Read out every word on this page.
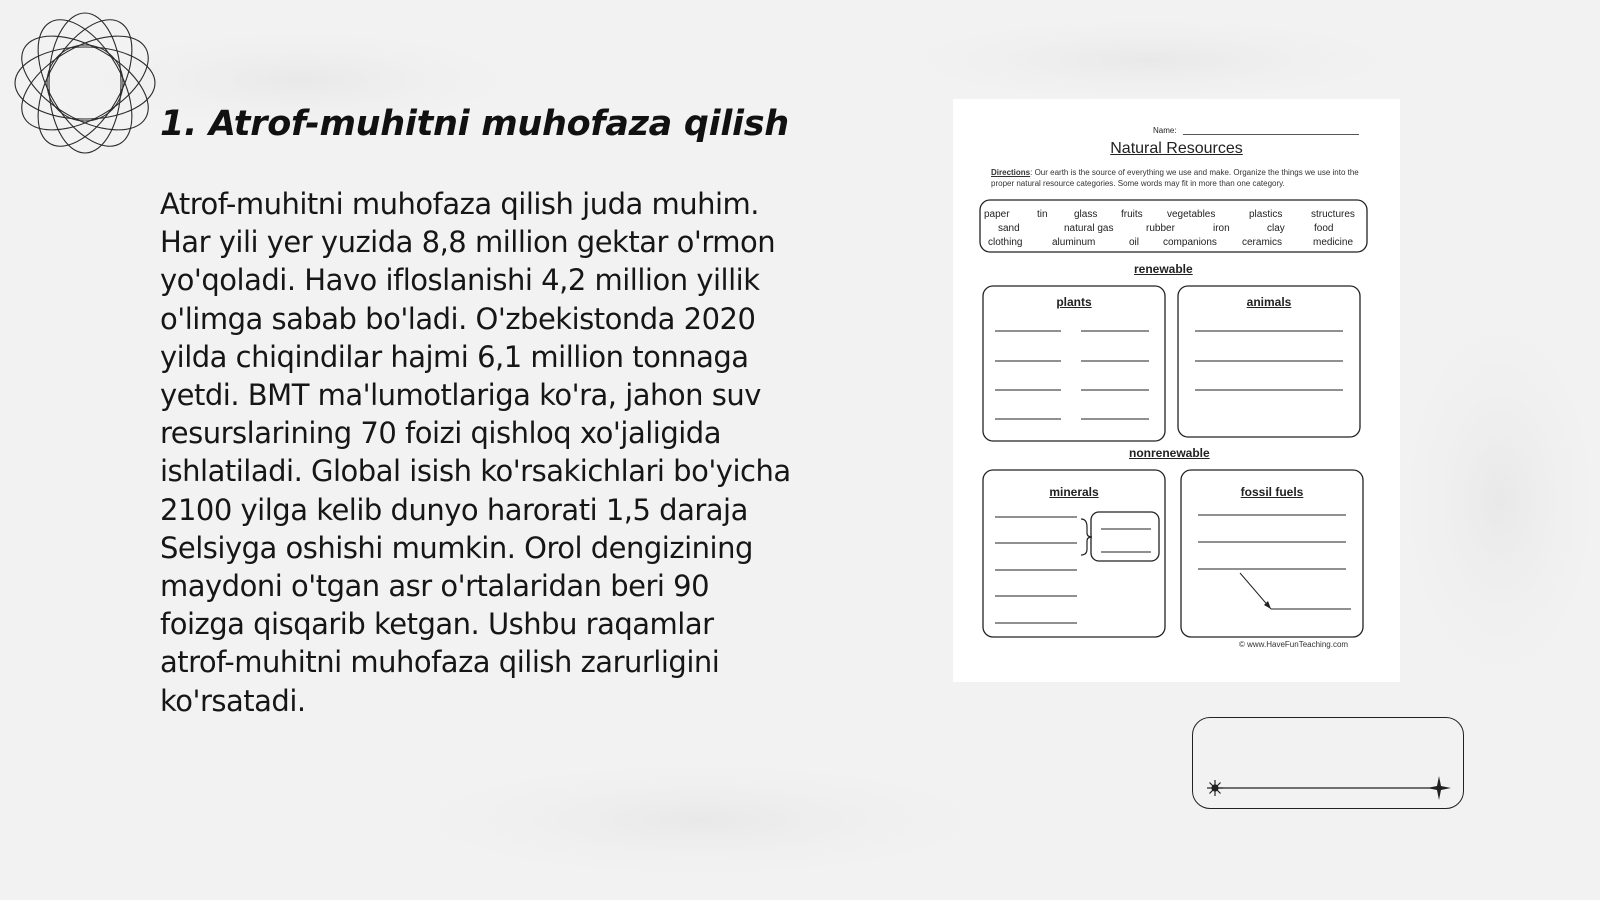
1. Atrof-muhitni muhofaza qilish
Atrof-muhitni muhofaza qilish juda muhim.
Har yili yer yuzida 8,8 million gektar o'rmon
yo'qoladi. Havo ifloslanishi 4,2 million yillik
o'limga sabab bo'ladi. O'zbekistonda 2020
yilda chiqindilar hajmi 6,1 million tonnaga
yetdi. BMT ma'lumotlariga ko'ra, jahon suv
resurslarining 70 foizi qishloq xo'jaligida
ishlatiladi. Global isish ko'rsakichlari bo'yicha
2100 yilga kelib dunyo harorati 1,5 daraja
Selsiyga oshishi mumkin. Orol dengizining
maydoni o'tgan asr o'rtalaridan beri 90
foizga qisqarib ketgan. Ushbu raqamlar
atrof-muhitni muhofaza qilish zarurligini
ko'rsatadi.
Name:
Natural Resources
Directions: Our earth is the source of everything we use and make. Organize the things we use into the proper natural resource categories. Some words may fit in more than one category.
paper	tin	glass fruits vegetables	plastics	structures
sand	natural gas	rubber	iron	clay	food
clothing	aluminum	oil companions	ceramics	medicine
renewable
nonrenewable
plants	animals
minerals	fossil fuels
© www.HaveFunTeaching.com
